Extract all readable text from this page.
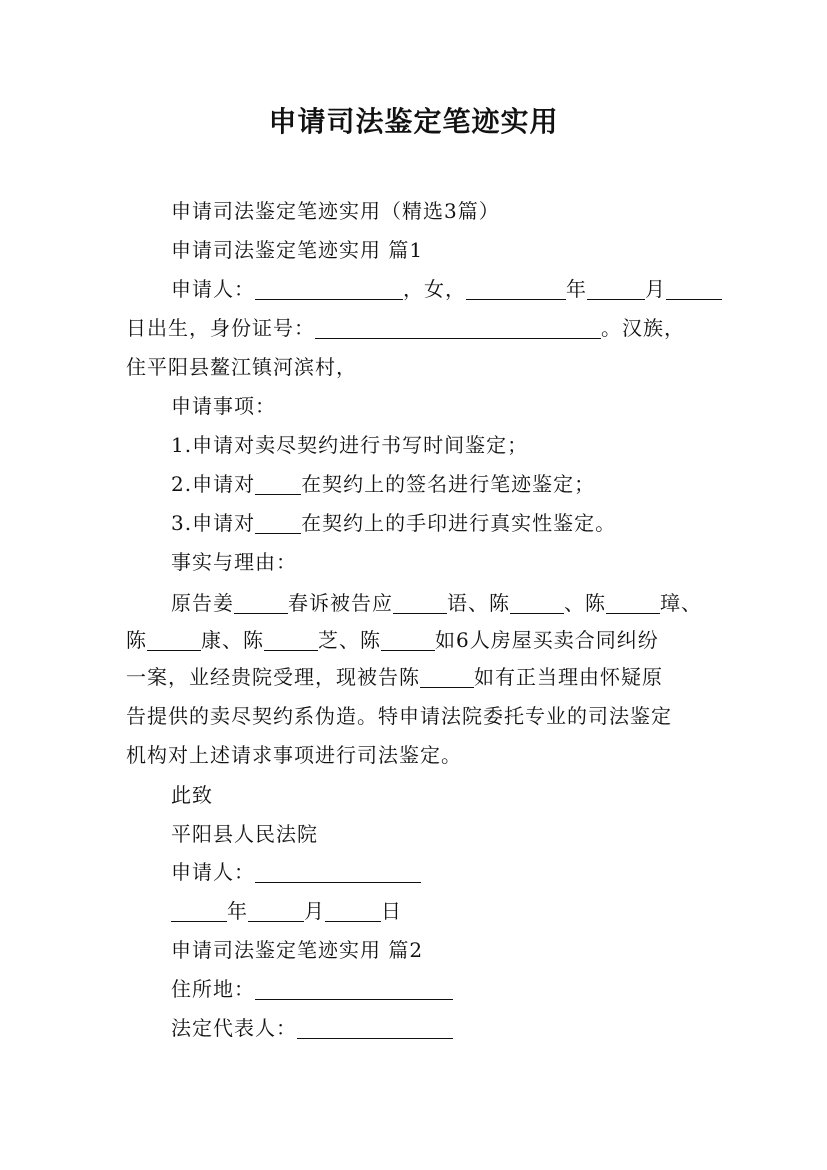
申请司法鉴定笔迹实用
申请司法鉴定笔迹实用（精选3篇）
申请司法鉴定笔迹实用 篇1
申请人：	，女，	年	月
日出生，身份证号：	。汉族，
住平阳县鳌江镇河滨村，
申请事项：
1.申请对卖尽契约进行书写时间鉴定；
2.申请对 在契约上的签名进行笔迹鉴定；
3.申请对 在契约上的手印进行真实性鉴定。
事实与理由：
原告姜	春诉被告应	语、陈	、陈	璋、
陈	康、陈	芝、陈	如6人房屋买卖合同纠纷
一案，业经贵院受理，现被告陈	如有正当理由怀疑原
告提供的卖尽契约系伪造。特申请法院委托专业的司法鉴定
机构对上述请求事项进行司法鉴定。
此致
平阳县人民法院
申请人：
年	月	日
申请司法鉴定笔迹实用 篇2
住所地：
法定代表人：
